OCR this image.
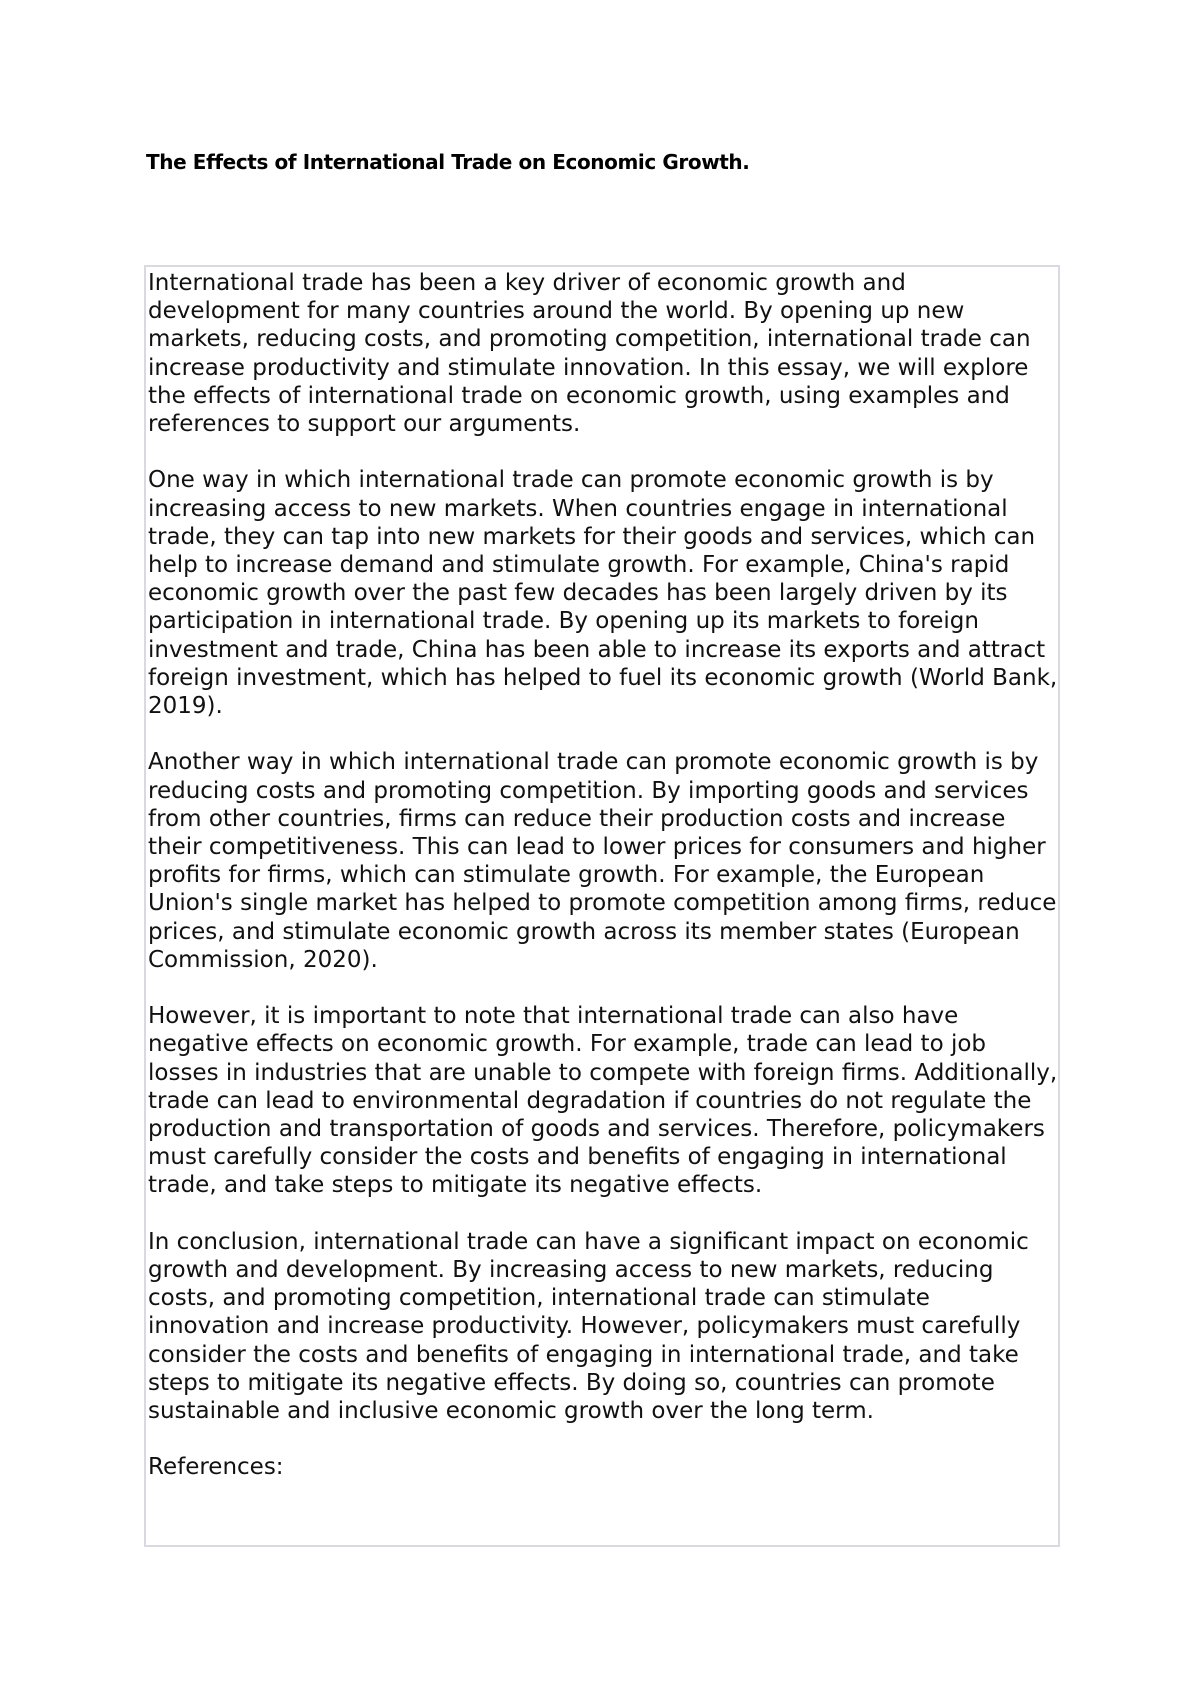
The Effects of International Trade on Economic Growth.

International trade has been a key driver of economic growth and development for many countries around the world. By opening up new markets, reducing costs, and promoting competition, international trade can increase productivity and stimulate innovation. In this essay, we will explore the effects of international trade on economic growth, using examples and references to support our arguments.

One way in which international trade can promote economic growth is by increasing access to new markets. When countries engage in international trade, they can tap into new markets for their goods and services, which can help to increase demand and stimulate growth. For example, China's rapid economic growth over the past few decades has been largely driven by its participation in international trade. By opening up its markets to foreign investment and trade, China has been able to increase its exports and attract foreign investment, which has helped to fuel its economic growth (World Bank, 2019).

Another way in which international trade can promote economic growth is by reducing costs and promoting competition. By importing goods and services from other countries, firms can reduce their production costs and increase their competitiveness. This can lead to lower prices for consumers and higher profits for firms, which can stimulate growth. For example, the European Union's single market has helped to promote competition among firms, reduce prices, and stimulate economic growth across its member states (European Commission, 2020).

However, it is important to note that international trade can also have negative effects on economic growth. For example, trade can lead to job losses in industries that are unable to compete with foreign firms. Additionally, trade can lead to environmental degradation if countries do not regulate the production and transportation of goods and services. Therefore, policymakers must carefully consider the costs and benefits of engaging in international trade, and take steps to mitigate its negative effects.

In conclusion, international trade can have a significant impact on economic growth and development. By increasing access to new markets, reducing costs, and promoting competition, international trade can stimulate innovation and increase productivity. However, policymakers must carefully consider the costs and benefits of engaging in international trade, and take steps to mitigate its negative effects. By doing so, countries can promote sustainable and inclusive economic growth over the long term.

References:
